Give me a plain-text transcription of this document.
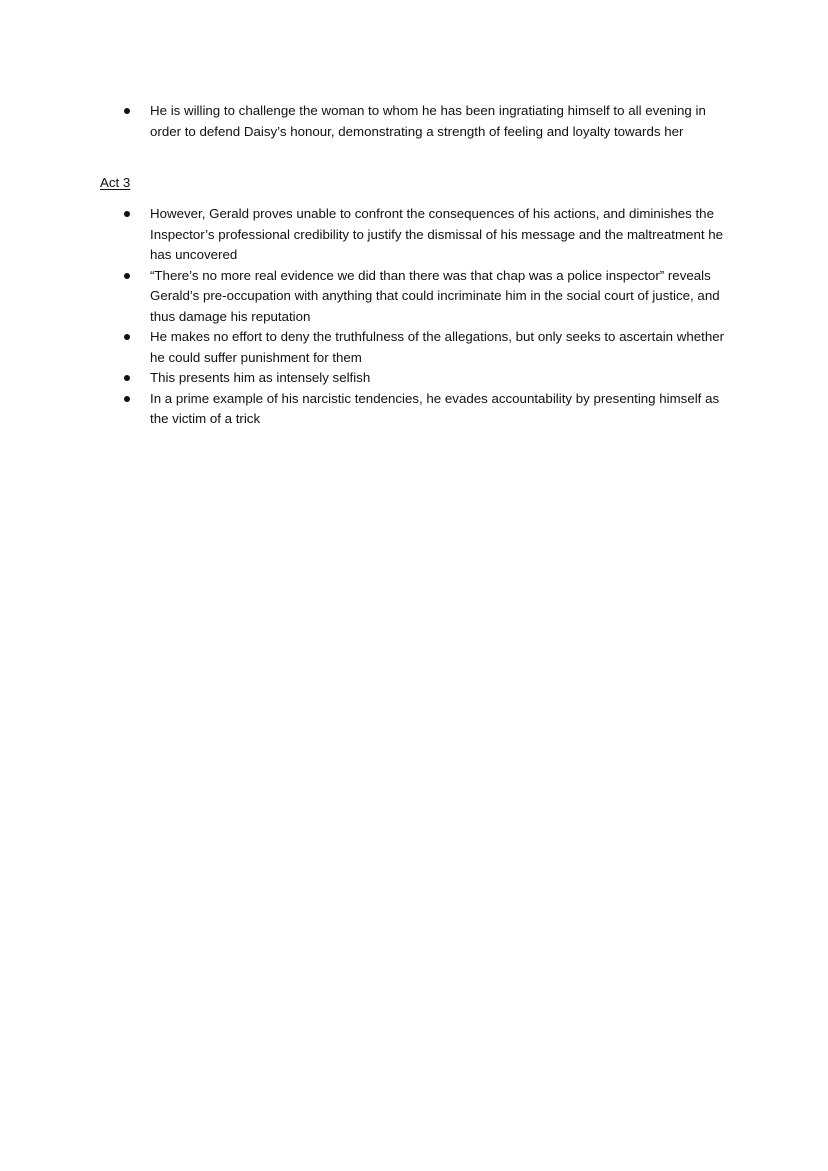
He is willing to challenge the woman to whom he has been ingratiating himself to all evening in order to defend Daisy’s honour, demonstrating a strength of feeling and loyalty towards her
Act 3
However, Gerald proves unable to confront the consequences of his actions, and diminishes the Inspector’s professional credibility to justify the dismissal of his message and the maltreatment he has uncovered
“There’s no more real evidence we did than there was that chap was a police inspector” reveals Gerald’s pre-occupation with anything that could incriminate him in the social court of justice, and thus damage his reputation
He makes no effort to deny the truthfulness of the allegations, but only seeks to ascertain whether he could suffer punishment for them
This presents him as intensely selfish
In a prime example of his narcistic tendencies, he evades accountability by presenting himself as the victim of a trick
